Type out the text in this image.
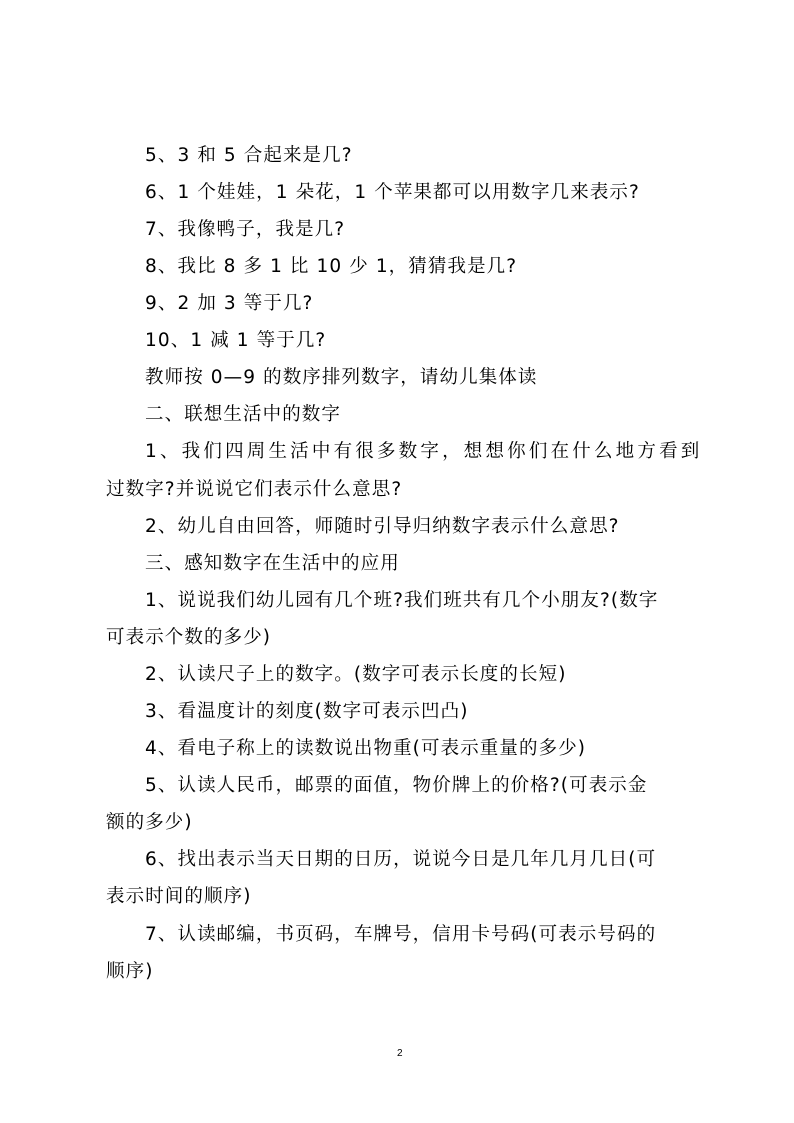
5、3 和 5 合起来是几?
6、1 个娃娃，1 朵花，1 个苹果都可以用数字几来表示?
7、我像鸭子，我是几?
8、我比 8 多 1 比 10 少 1，猜猜我是几?
9、2 加 3 等于几?
10、1 减 1 等于几?
教师按 0—9 的数序排列数字，请幼儿集体读
二、联想生活中的数字
1、我们四周生活中有很多数字，想想你们在什么地方看到
过数字?并说说它们表示什么意思?
2、幼儿自由回答，师随时引导归纳数字表示什么意思?
三、感知数字在生活中的应用
1、说说我们幼儿园有几个班?我们班共有几个小朋友?(数字
可表示个数的多少)
2、认读尺子上的数字。(数字可表示长度的长短)
3、看温度计的刻度(数字可表示凹凸)
4、看电子称上的读数说出物重(可表示重量的多少)
5、认读人民币，邮票的面值，物价牌上的价格?(可表示金
额的多少)
6、找出表示当天日期的日历，说说今日是几年几月几日(可
表示时间的顺序)
7、认读邮编，书页码，车牌号，信用卡号码(可表示号码的
顺序)
2
